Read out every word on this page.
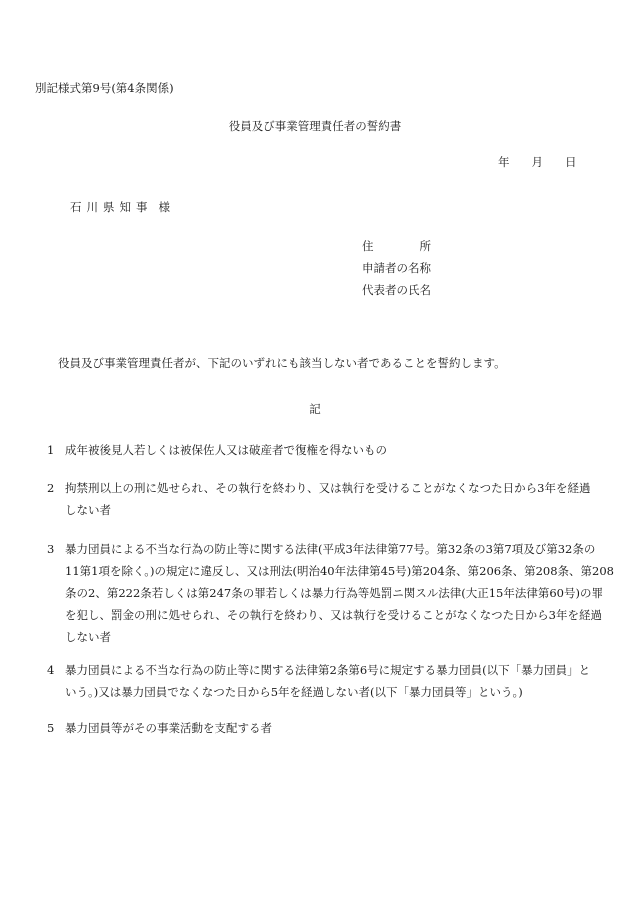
別記様式第9号(第4条関係)
役員及び事業管理責任者の誓約書
年 月 日
石川県知事 様
住	所
申請者の名称
代表者の氏名
役員及び事業管理責任者が、下記のいずれにも該当しない者であることを誓約します。
記
1 成年被後見人若しくは被保佐人又は破産者で復権を得ないもの
2 拘禁刑以上の刑に処せられ、その執行を終わり、又は執行を受けることがなくなつた日から3年を経過
しない者
3 暴力団員による不当な行為の防止等に関する法律(平成3年法律第77号。第32条の3第7項及び第32条の
11第1項を除く。)の規定に違反し、又は刑法(明治40年法律第45号)第204条、第206条、第208条、第208
条の2、第222条若しくは第247条の罪若しくは暴力行為等処罰ニ関スル法律(大正15年法律第60号)の罪
を犯し、罰金の刑に処せられ、その執行を終わり、又は執行を受けることがなくなつた日から3年を経過
しない者
4 暴力団員による不当な行為の防止等に関する法律第2条第6号に規定する暴力団員(以下「暴力団員」と
いう。)又は暴力団員でなくなつた日から5年を経過しない者(以下「暴力団員等」という。)
5 暴力団員等がその事業活動を支配する者
